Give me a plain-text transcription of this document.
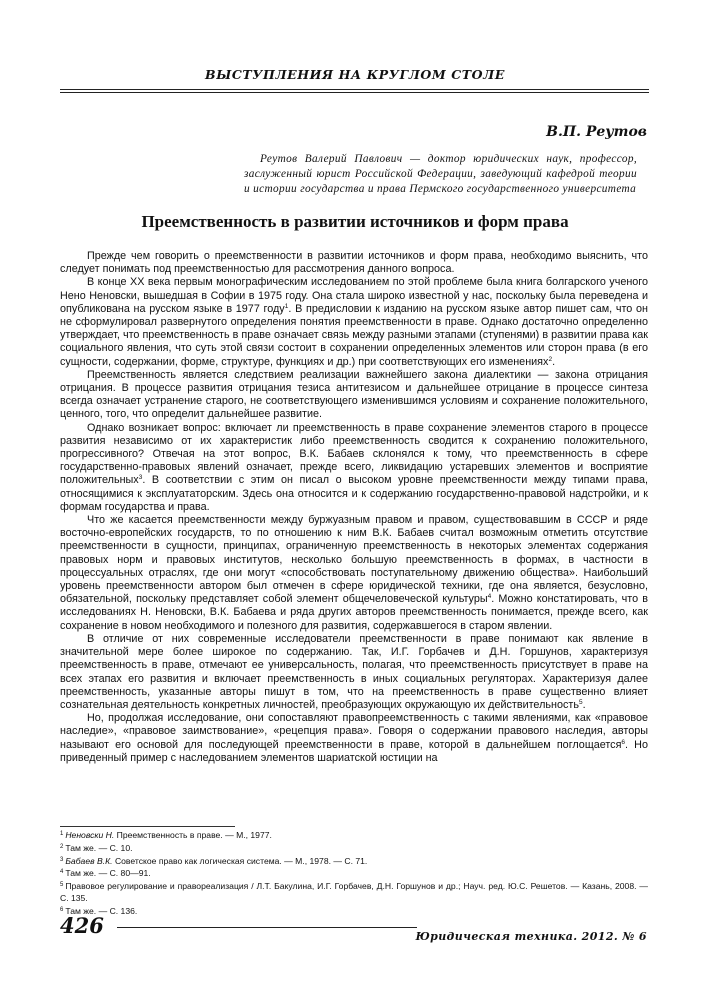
ВЫСТУПЛЕНИЯ НА КРУГЛОМ СТОЛЕ
В.П. Реутов
Реутов Валерий Павлович — доктор юридических наук, профессор, заслуженный юрист Российской Федерации, заведующий кафедрой теории и истории государства и права Пермского государственного университета
Преемственность в развитии источников и форм права

Прежде чем говорить о преемственности в развитии источников и форм права, необходимо выяснить, что следует понимать под преемственностью для рассмотрения данного вопроса.

В конце XX века первым монографическим исследованием по этой проблеме была книга болгарского ученого Нено Неновски, вышедшая в Софии в 1975 году. Она стала широко известной у нас, поскольку была переведена и опубликована на русском языке в 1977 году$^1$. В предисловии к изданию на русском языке автор пишет сам, что он не сформулировал развернутого определения понятия преемственности в праве. Однако достаточно определенно утверждает, что преемственность в праве означает связь между разными этапами (ступенями) в развитии права как социального явления, что суть этой связи состоит в сохранении определенных элементов или сторон права (в его сущности, содержании, форме, структуре, функциях и др.) при соответствующих его изменениях$^2$.

Преемственность является следствием реализации важнейшего закона диалектики — закона отрицания отрицания. В процессе развития отрицания тезиса антитезисом и дальнейшее отрицание в процессе синтеза всегда означает устранение старого, не соответствующего изменившимся условиям и сохранение положительного, ценного, того, что определит дальнейшее развитие.

Однако возникает вопрос: включает ли преемственность в праве сохранение элементов старого в процессе развития независимо от их характеристик либо преемственность сводится к сохранению положительного, прогрессивного? Отвечая на этот вопрос, В.К. Бабаев склонялся к тому, что преемственность в сфере государственно-правовых явлений означает, прежде всего, ликвидацию устаревших элементов и восприятие положительных$^3$. В соответствии с этим он писал о высоком уровне преемственности между типами права, относящимися к эксплуататорским. Здесь она относится и к содержанию государственно-правовой надстройки, и к формам государства и права.

Что же касается преемственности между буржуазным правом и правом, существовавшим в СССР и ряде восточно-европейских государств, то по отношению к ним В.К. Бабаев считал возможным отметить отсутствие преемственности в сущности, принципах, ограниченную преемственность в некоторых элементах содержания правовых норм и правовых институтов, несколько большую преемственность в формах, в частности в процессуальных отраслях, где они могут «способствовать поступательному движению общества». Наибольший уровень преемственности автором был отмечен в сфере юридической техники, где она является, безусловно, обязательной, поскольку представляет собой элемент общечеловеческой культуры$^4$. Можно констатировать, что в исследованиях Н. Неновски, В.К. Бабаева и ряда других авторов преемственность понимается, прежде всего, как сохранение в новом необходимого и полезного для развития, содержавшегося в старом явлении.

В отличие от них современные исследователи преемственности в праве понимают как явление в значительной мере более широкое по содержанию. Так, И.Г. Горбачев и Д.Н. Горшунов, характеризуя преемственность в праве, отмечают ее универсальность, полагая, что преемственность присутствует в праве на всех этапах его развития и включает преемственность в иных социальных регуляторах. Характеризуя далее преемственность, указанные авторы пишут в том, что на преемственность в праве существенно влияет сознательная деятельность конкретных личностей, преобразующих окружающую их действительность$^5$.

Но, продолжая исследование, они сопоставляют правопреемственность с такими явлениями, как «правовое наследие», «правовое заимствование», «рецепция права». Говоря о содержании правового наследия, авторы называют его основой для последующей преемственности в праве, которой в дальнейшем поглощается$^6$. Но приведенный пример с наследованием элементов шариатской юстиции на

$^1$ Неновски Н. Преемственность в праве. — М., 1977.
$^2$ Там же. — С. 10.
$^3$ Бабаев В.К. Советское право как логическая система. — М., 1978. — С. 71.
$^4$ Там же. — С. 80—91.
$^5$ Правовое регулирование и правореализация / Л.Т. Бакулина, И.Г. Горбачев, Д.Н. Горшунов и др.; Науч. ред. Ю.С. Решетов. — Казань, 2008. — С. 135.
$^6$ Там же. — С. 136.
426	Юридическая техника. 2012. № 6
